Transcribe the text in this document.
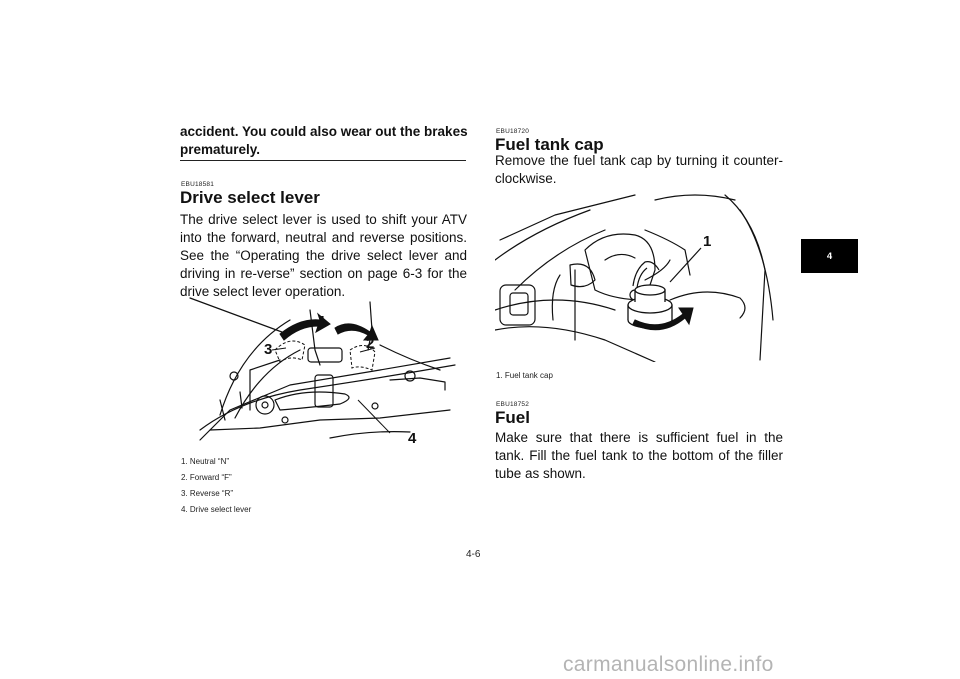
accident. You could also wear out the brakes
prematurely.
EBU18581
Drive select lever
The drive select lever is used to shift your ATV into the forward, neutral and reverse positions. See the “Operating the drive select lever and driving in re-verse” section on page 6-3 for the drive select lever operation.
1
2
3
4
1. Neutral “N”
2. Forward “F”
3. Reverse “R”
4. Drive select lever
EBU18720
Fuel tank cap
Remove the fuel tank cap by turning it counter-clockwise.
1
1. Fuel tank cap
EBU18752
Fuel
Make sure that there is sufficient fuel in the tank. Fill the fuel tank to the bottom of the filler tube as shown.
4
4-6
carmanualsonline.info
